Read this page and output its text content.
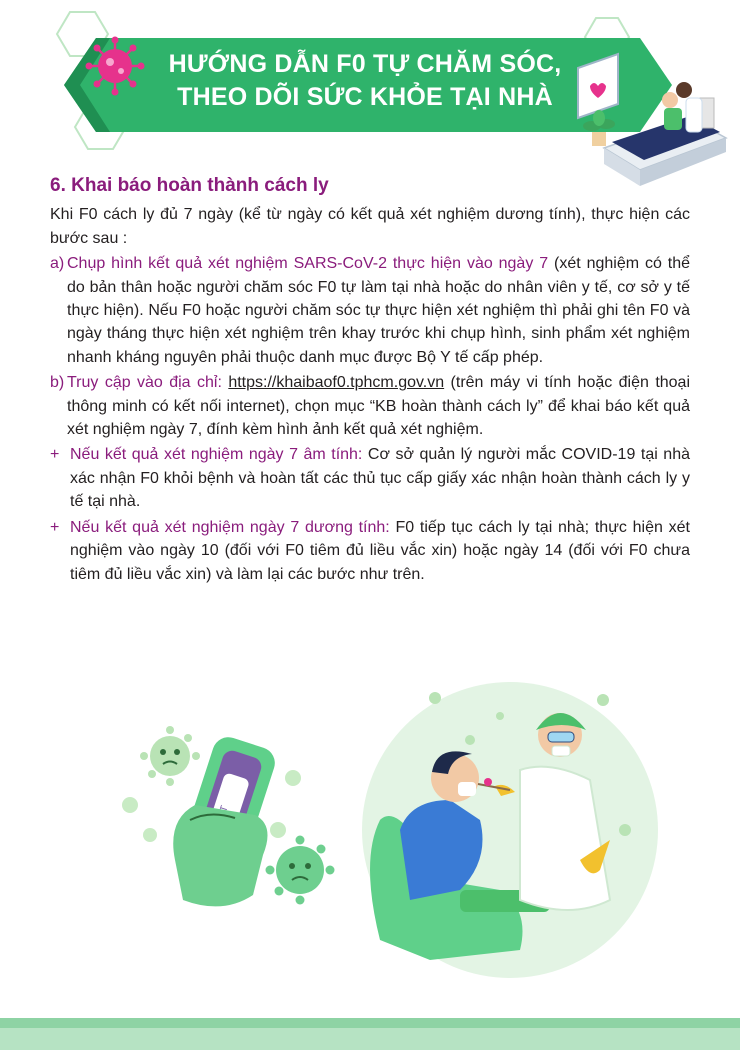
HƯỚNG DẪN F0 TỰ CHĂM SÓC,
THEO DÕI SỨC KHỎE TẠI NHÀ
6. Khai báo hoàn thành cách ly

Khi F0 cách ly đủ 7 ngày (kể từ ngày có kết quả xét nghiệm dương tính), thực hiện các bước sau :

a) Chụp hình kết quả xét nghiệm SARS-CoV-2 thực hiện vào ngày 7 (xét nghiệm có thể do bản thân hoặc người chăm sóc F0 tự làm tại nhà hoặc do nhân viên y tế, cơ sở y tế thực hiện). Nếu F0 hoặc người chăm sóc tự thực hiện xét nghiệm thì phải ghi tên F0 và ngày tháng thực hiện xét nghiệm trên khay trước khi chụp hình, sinh phẩm xét nghiệm nhanh kháng nguyên phải thuộc danh mục được Bộ Y tế cấp phép.
b) Truy cập vào địa chỉ: https://khaibaof0.tphcm.gov.vn (trên máy vi tính hoặc điện thoại thông minh có kết nối internet), chọn mục “KB hoàn thành cách ly” để khai báo kết quả xét nghiệm ngày 7, đính kèm hình ảnh kết quả xét nghiệm.
+ Nếu kết quả xét nghiệm ngày 7 âm tính: Cơ sở quản lý người mắc COVID-19 tại nhà xác nhận F0 khỏi bệnh và hoàn tất các thủ tục cấp giấy xác nhận hoàn thành cách ly y tế tại nhà.
+ Nếu kết quả xét nghiệm ngày 7 dương tính: F0 tiếp tục cách ly tại nhà; thực hiện xét nghiệm vào ngày 10 (đối với F0 tiêm đủ liều vắc xin) hoặc ngày 14 (đối với F0 chưa tiêm đủ liều vắc xin) và làm lại các bước như trên.
